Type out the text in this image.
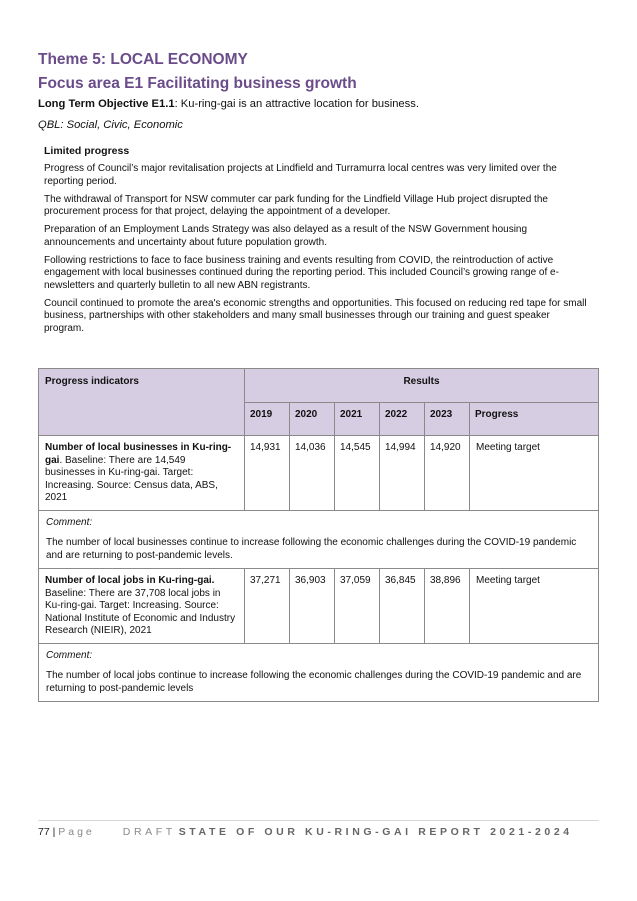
Theme 5: LOCAL ECONOMY
Focus area E1 Facilitating business growth

Long Term Objective E1.1: Ku-ring-gai is an attractive location for business.

QBL: Social, Civic, Economic

Limited progress

Progress of Council’s major revitalisation projects at Lindfield and Turramurra local centres was very limited over the reporting period.

The withdrawal of Transport for NSW commuter car park funding for the Lindfield Village Hub project disrupted the procurement process for that project, delaying the appointment of a developer.

Preparation of an Employment Lands Strategy was also delayed as a result of the NSW Government housing announcements and uncertainty about future population growth.

Following restrictions to face to face business training and events resulting from COVID, the reintroduction of active engagement with local businesses continued during the reporting period. This included Council’s growing range of e-newsletters and quarterly bulletin to all new ABN registrants.

Council continued to promote the area's economic strengths and opportunities. This focused on reducing red tape for small business, partnerships with other stakeholders and many small businesses through our training and guest speaker program.

Progress indicators	Results					
	2019	2020	2021	2022	2023	Progress
Number of local businesses in Ku-ring-gai. Baseline: There are 14,549 businesses in Ku-ring-gai. Target: Increasing. Source: Census data, ABS, 2021	14,931	14,036	14,545	14,994	14,920	Meeting target

Comment:

The number of local businesses continue to increase following the economic challenges during the COVID-19 pandemic and are returning to post-pandemic levels.						

Number of local jobs in Ku-ring-gai. Baseline: There are 37,708 local jobs in Ku-ring-gai. Target: Increasing. Source: National Institute of Economic and Industry Research (NIEIR), 2021	37,271	36,903	37,059	36,845	38,896	Meeting target

Comment:

The number of local jobs continue to increase following the economic challenges during the COVID-19 pandemic and are returning to post-pandemic levels						

77 | Page	DRAFT STATE OF OUR KU-RING-GAI REPORT 2021-2024
